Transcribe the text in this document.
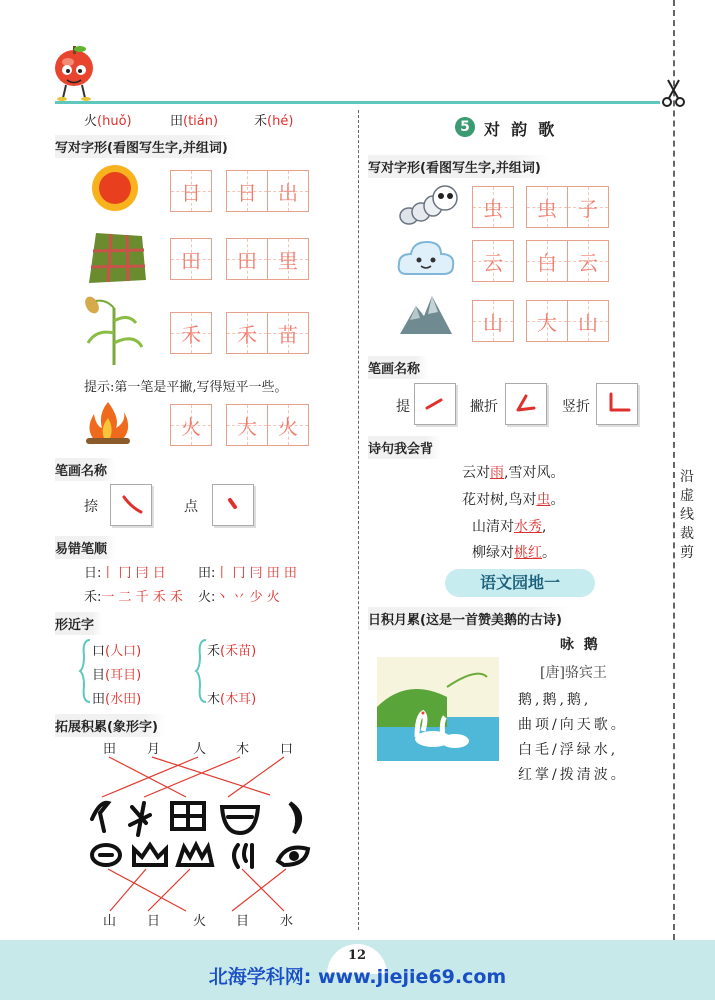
沿虚线裁剪
火(huǒ)	田(tián)	禾(hé)
写对字形(看图写生字,并组词)
日 日 出
田 田 里
禾 禾 苗
提示:第一笔是平撇,写得短平一些。
火 大 火
笔画名称
捺	点
易错笔顺
日:丨 冂 冃 日 田:丨 冂 冃 田 田
禾:一 二 千 禾 禾 火:丶 丷 少 火
形近字
口(人口)
目(耳目)
田(水田)
禾(禾苗)
木(木耳)
拓展积累(象形字)
田 月	人 木 口
山 日	火 目 水
5 对  韵  歌
写对字形(看图写生字,并组词)
虫 虫 子
云 白 云
山 大 山
笔画名称
提	撇折	竖折
诗句我会背
云对雨,雪对风。
花对树,鸟对虫。
山清对水秀,
柳绿对桃红。
语文园地一
日积月累(这是一首赞美鹅的古诗)
咏  鹅
[唐]骆宾王
鹅,鹅,鹅,
曲项/向天歌。
白毛/浮绿水,
红掌/拨清波。
12
北海学科网: www.jiejie69.com
